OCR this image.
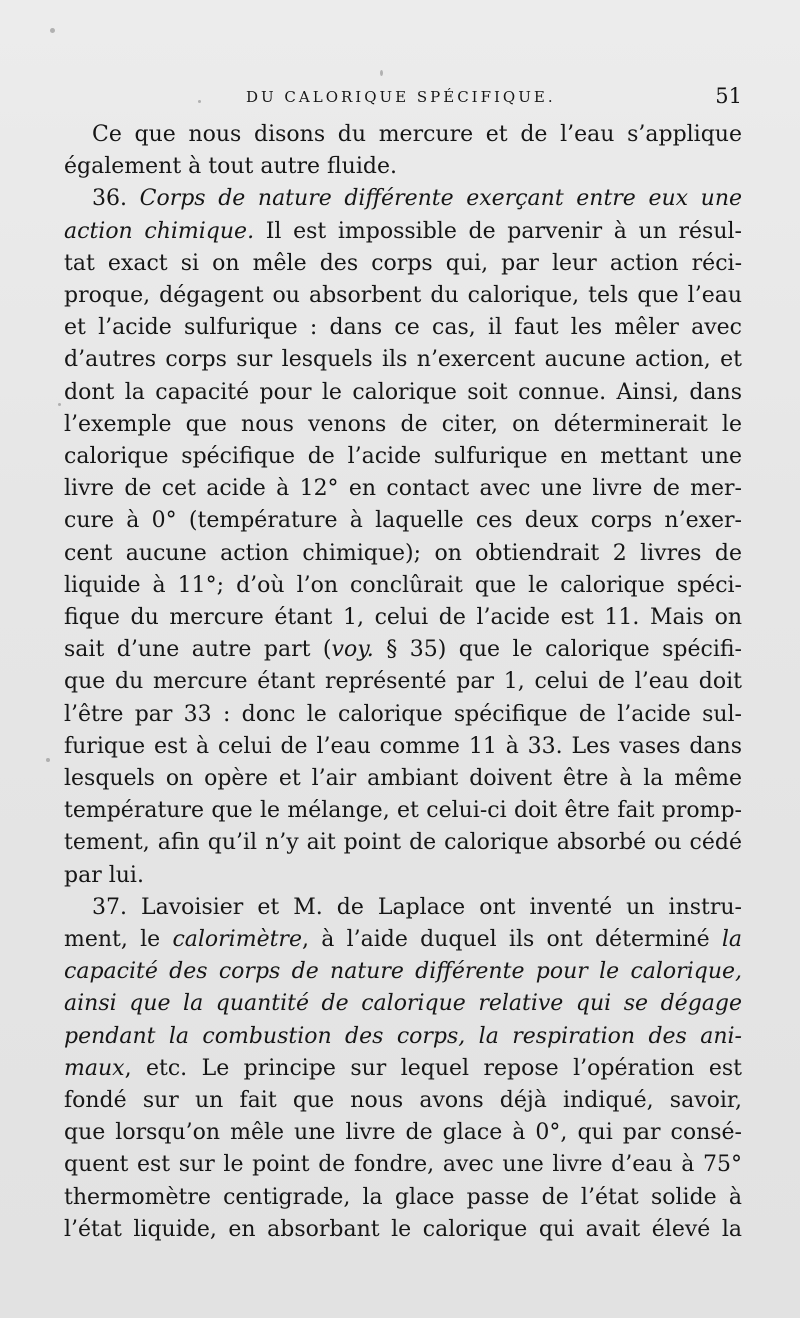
DU CALORIQUE SPÉCIFIQUE.	51
Ce que nous disons du mercure et de l’eau s’applique
également à tout autre fluide.
36. Corps de nature différente exerçant entre eux une
action chimique. Il est impossible de parvenir à un résul-
tat exact si on mêle des corps qui, par leur action réci-
proque, dégagent ou absorbent du calorique, tels que l’eau
et l’acide sulfurique : dans ce cas, il faut les mêler avec
d’autres corps sur lesquels ils n’exercent aucune action, et
dont la capacité pour le calorique soit connue. Ainsi, dans
l’exemple que nous venons de citer, on déterminerait le
calorique spécifique de l’acide sulfurique en mettant une
livre de cet acide à 12° en contact avec une livre de mer-
cure à 0° (température à laquelle ces deux corps n’exer-
cent aucune action chimique); on obtiendrait 2 livres de
liquide à 11°; d’où l’on conclûrait que le calorique spéci-
fique du mercure étant 1, celui de l’acide est 11. Mais on
sait d’une autre part (voy. § 35) que le calorique spécifi-
que du mercure étant représenté par 1, celui de l’eau doit
l’être par 33 : donc le calorique spécifique de l’acide sul-
furique est à celui de l’eau comme 11 à 33. Les vases dans
lesquels on opère et l’air ambiant doivent être à la même
température que le mélange, et celui-ci doit être fait promp-
tement, afin qu’il n’y ait point de calorique absorbé ou cédé
par lui.
37. Lavoisier et M. de Laplace ont inventé un instru-
ment, le calorimètre, à l’aide duquel ils ont déterminé la
capacité des corps de nature différente pour le calorique,
ainsi que la quantité de calorique relative qui se dégage
pendant la combustion des corps, la respiration des ani-
maux, etc. Le principe sur lequel repose l’opération est
fondé sur un fait que nous avons déjà indiqué, savoir,
que lorsqu’on mêle une livre de glace à 0°, qui par consé-
quent est sur le point de fondre, avec une livre d’eau à 75°
thermomètre centigrade, la glace passe de l’état solide à
l’état liquide, en absorbant le calorique qui avait élevé la
